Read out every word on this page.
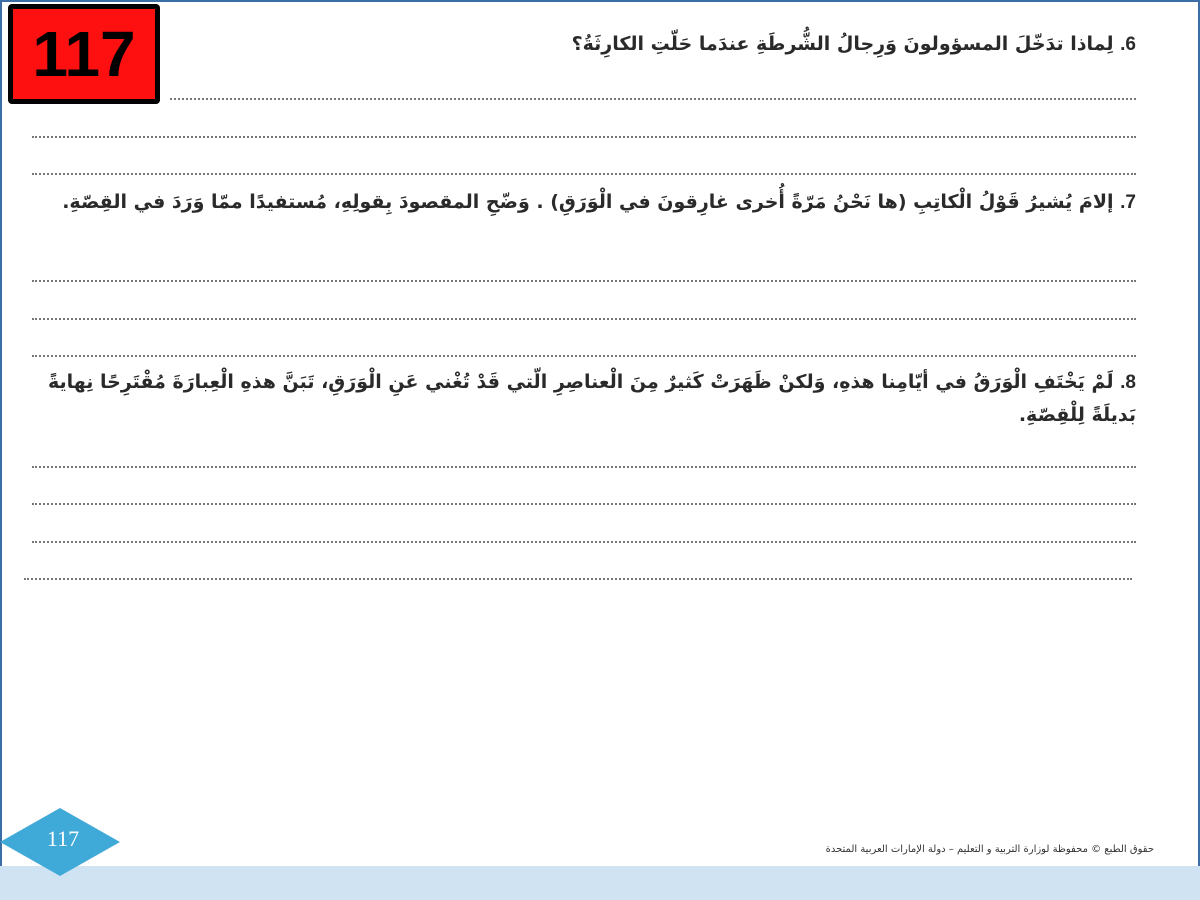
117	6. لِماذا تدَخّلَ المسؤولونَ وَرِجالُ الشُّرطَةِ عندَما حَلّتِ الكارِثَةُ؟
7. إلامَ يُشيرُ قَوْلُ الْكاتِبِ (ها نَحْنُ مَرّةً أُخرى غارِقونَ في الْوَرَقِ) . وَضّحِ المقصودَ بِقولِهِ، مُستفيدًا ممّا وَرَدَ في القِصّةِ.
8. لَمْ يَخْتَفِ الْوَرَقُ في أيّامِنا هذهِ، وَلكنْ ظَهَرَتْ كَثيرٌ مِنَ الْعناصِرِ الّتي قَدْ تُغْني عَنِ الْوَرَقِ، تَبَنَّ هذهِ الْعِبارَةَ مُقْتَرِحًا نِهايةً بَديلَةً لِلْقِصّةِ.
117	حقوق الطبع © محفوظة لوزارة التربية و التعليم – دولة الإمارات العربية المتحدة
